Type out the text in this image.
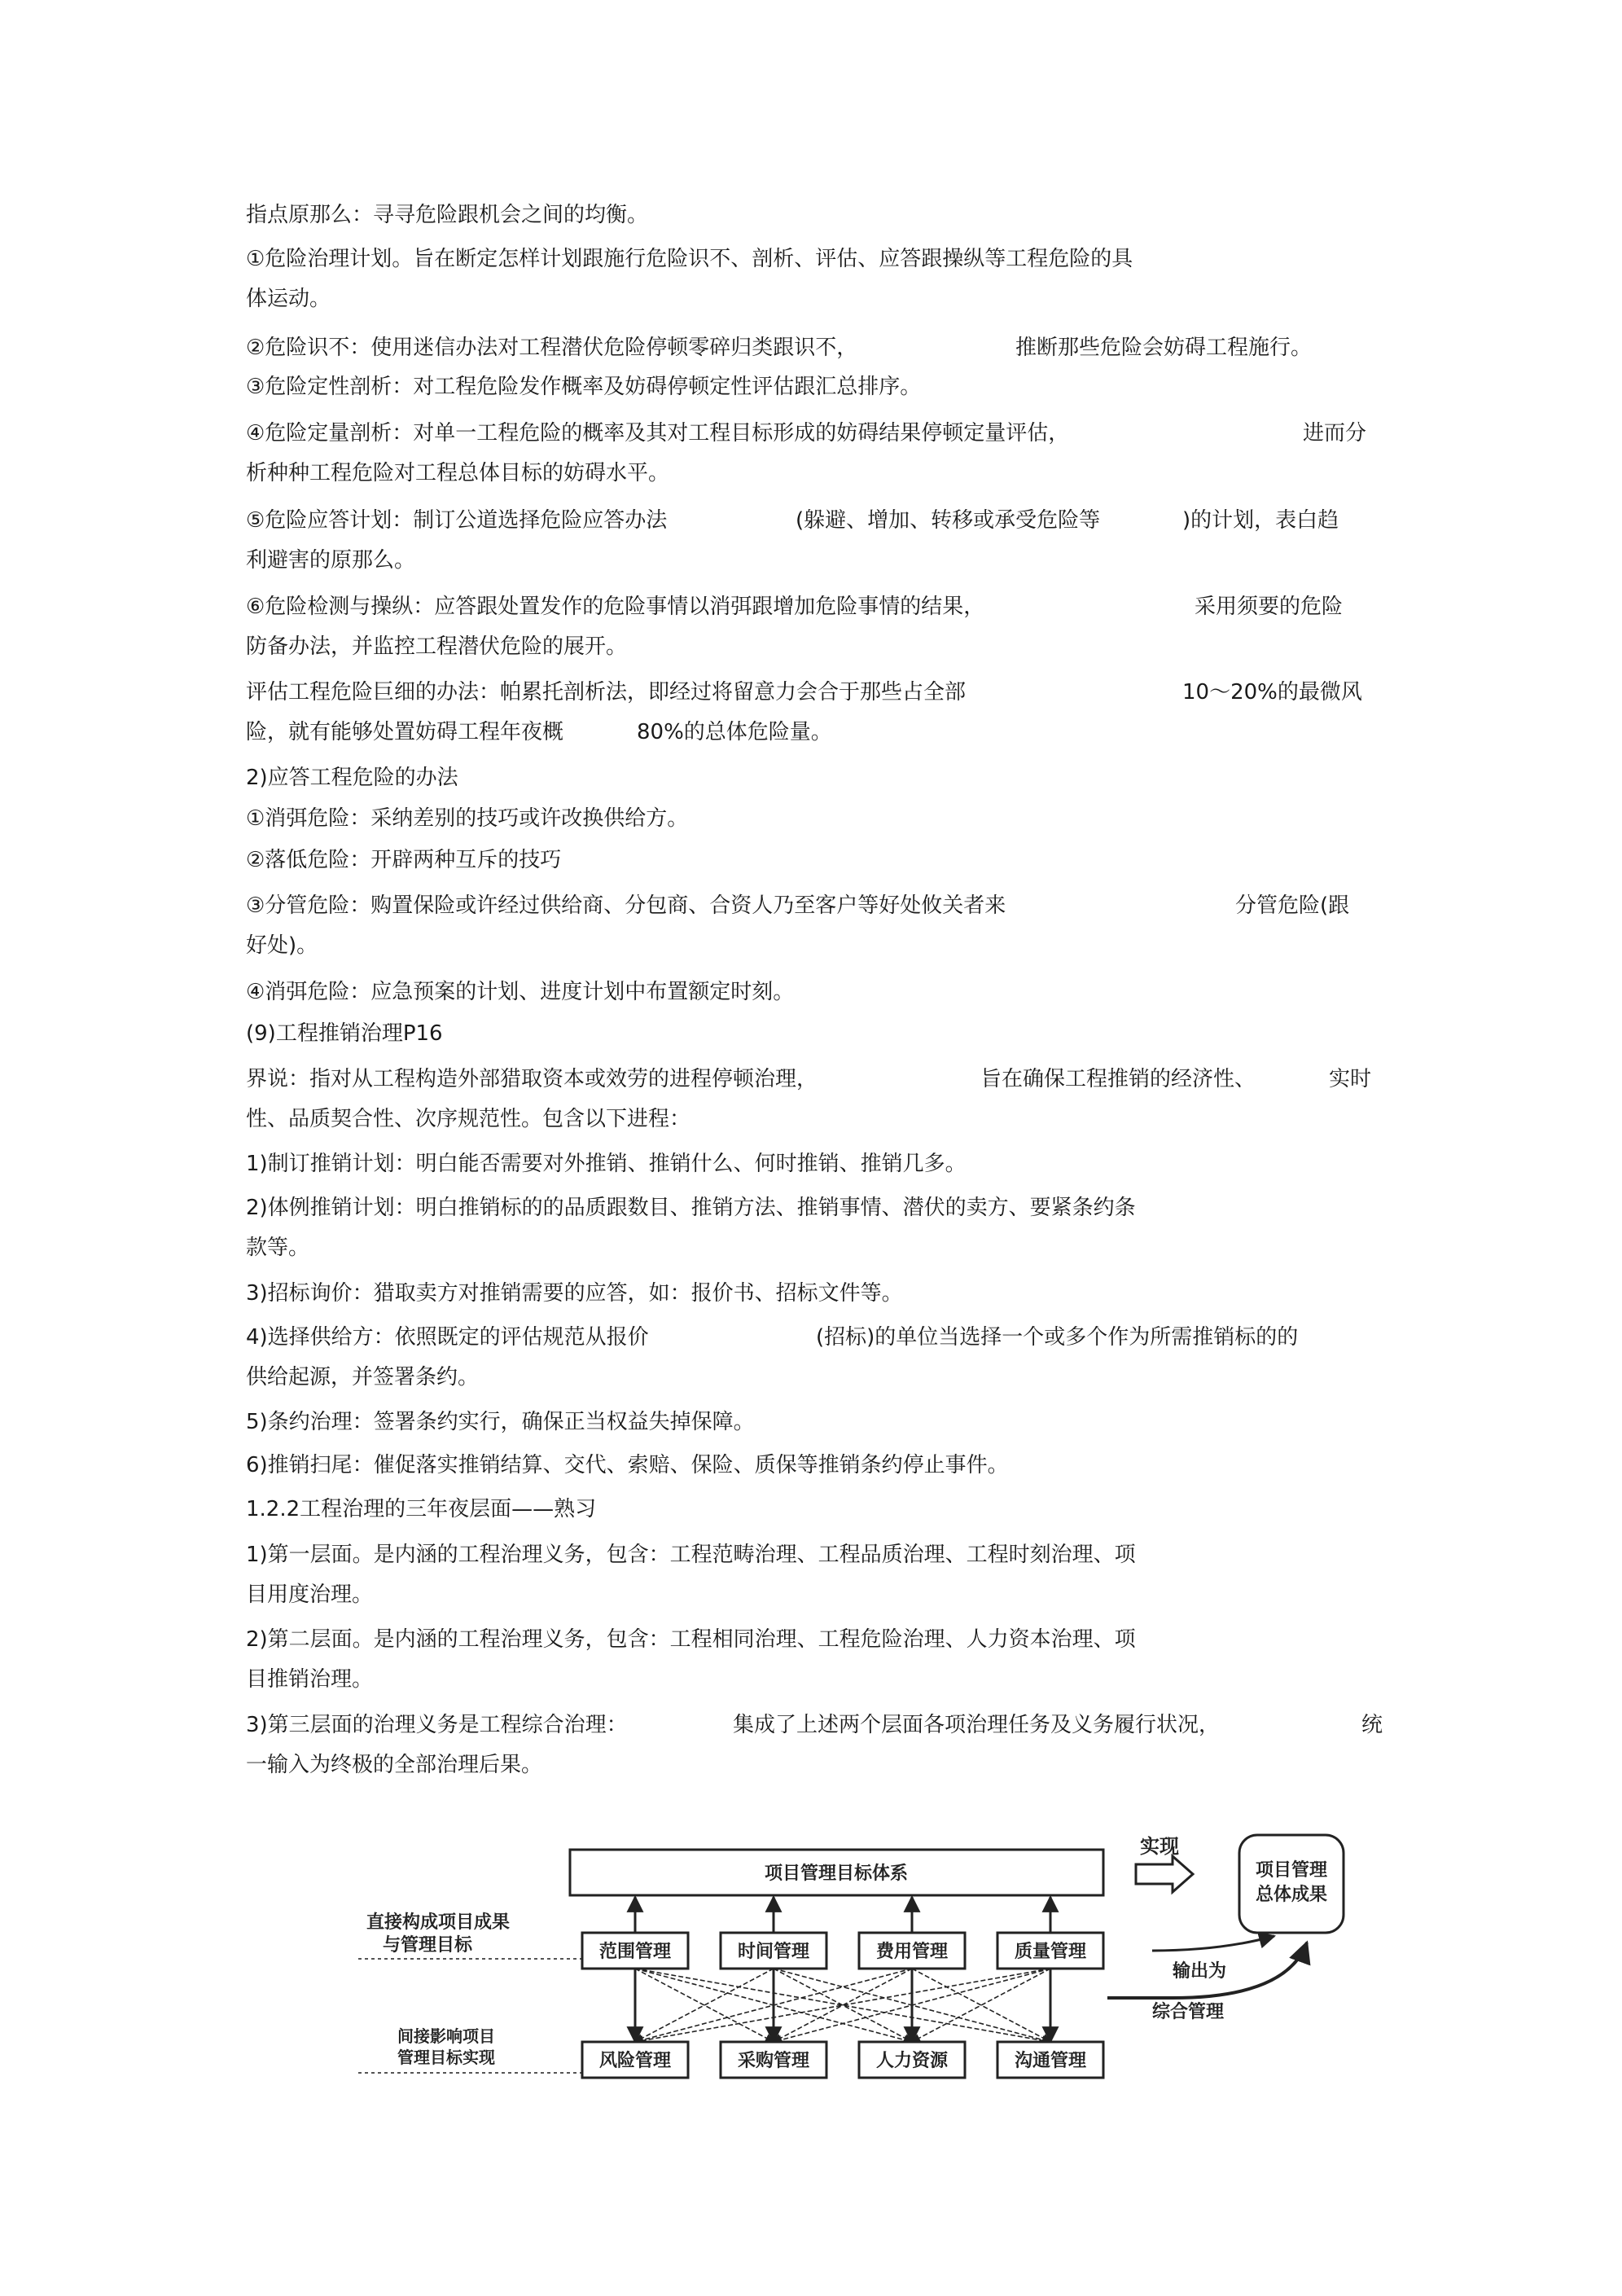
指点原那么：寻寻危险跟机会之间的均衡。
①危险治理计划。旨在断定怎样计划跟施行危险识不、剖析、评估、应答跟操纵等工程危险的具
体运动。
②危险识不：使用迷信办法对工程潜伏危险停顿零碎归类跟识不，	推断那些危险会妨碍工程施行。
③危险定性剖析：对工程危险发作概率及妨碍停顿定性评估跟汇总排序。
④危险定量剖析：对单一工程危险的概率及其对工程目标形成的妨碍结果停顿定量评估，	进而分
析种种工程危险对工程总体目标的妨碍水平。
⑤危险应答计划：制订公道选择危险应答办法	(躲避、增加、转移或承受危险等	)的计划，表白趋
利避害的原那么。
⑥危险检测与操纵：应答跟处置发作的危险事情以消弭跟增加危险事情的结果，	采用须要的危险
防备办法，并监控工程潜伏危险的展开。
评估工程危险巨细的办法：帕累托剖析法，即经过将留意力会合于那些占全部	10～20%的最微风
险，就有能够处置妨碍工程年夜概	80%的总体危险量。
2)应答工程危险的办法
①消弭危险：采纳差别的技巧或许改换供给方。
②落低危险：开辟两种互斥的技巧
③分管危险：购置保险或许经过供给商、分包商、合资人乃至客户等好处攸关者来	分管危险(跟
好处)。
④消弭危险：应急预案的计划、进度计划中布置额定时刻。
(9)工程推销治理P16
界说：指对从工程构造外部猎取资本或效劳的进程停顿治理，	旨在确保工程推销的经济性、	实时
性、品质契合性、次序规范性。包含以下进程：
1)制订推销计划：明白能否需要对外推销、推销什么、何时推销、推销几多。
2)体例推销计划：明白推销标的的品质跟数目、推销方法、推销事情、潜伏的卖方、要紧条约条
款等。
3)招标询价：猎取卖方对推销需要的应答，如：报价书、招标文件等。
4)选择供给方：依照既定的评估规范从报价	(招标)的单位当选择一个或多个作为所需推销标的的
供给起源，并签署条约。
5)条约治理：签署条约实行，确保正当权益失掉保障。
6)推销扫尾：催促落实推销结算、交代、索赔、保险、质保等推销条约停止事件。
1.2.2工程治理的三年夜层面——熟习
1)第一层面。是内涵的工程治理义务，包含：工程范畴治理、工程品质治理、工程时刻治理、项
目用度治理。
2)第二层面。是内涵的工程治理义务，包含：工程相同治理、工程危险治理、人力资本治理、项
目推销治理。
3)第三层面的治理义务是工程综合治理：	集成了上述两个层面各项治理任务及义务履行状况，	统
一输入为终极的全部治理后果。
直接构成项目成果
与管理目标
间接影响项目
管理目标实现
项目管理目标体系
实现
项目管理
总体成果
范围管理	时间管理	费用管理	质量管理
风险管理	采购管理	人力资源	沟通管理
输出为
综合管理
